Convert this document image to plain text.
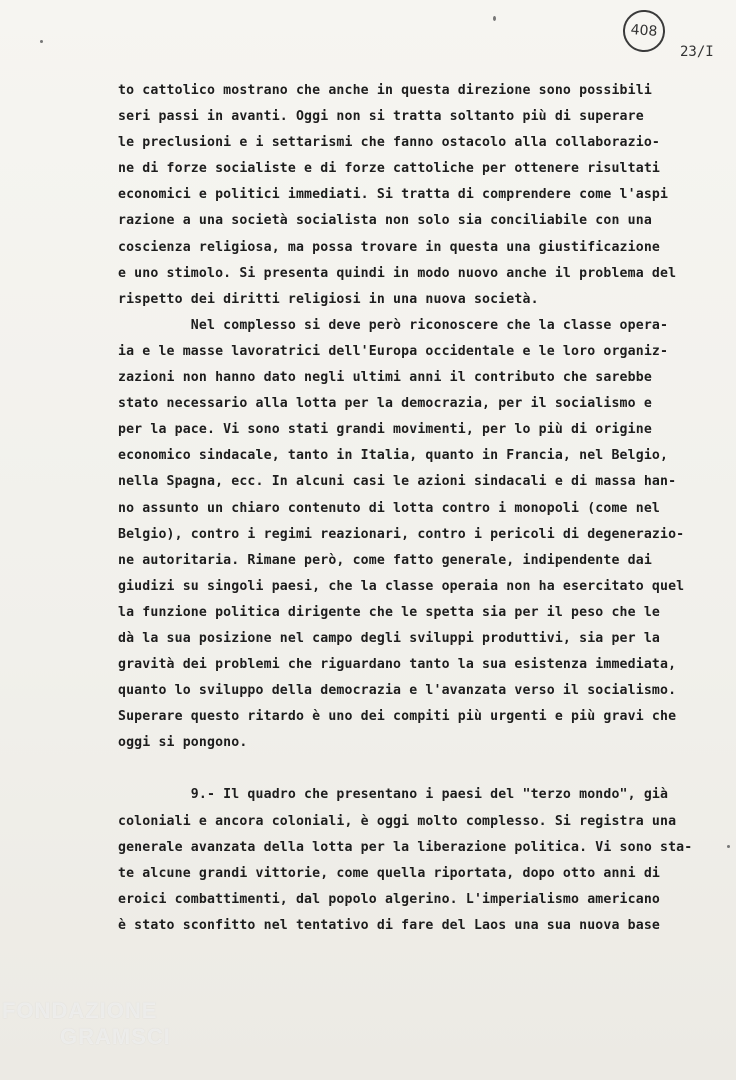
408
23/I
to cattolico mostrano che anche in questa direzione sono possibili
seri passi in avanti. Oggi non si tratta soltanto più di superare
le preclusioni e i settarismi che fanno ostacolo alla collaborazio-
ne di forze socialiste e di forze cattoliche per ottenere risultati
economici e politici immediati. Si tratta di comprendere come l'aspi
razione a una società socialista non solo sia conciliabile con una
coscienza religiosa, ma possa trovare in questa una giustificazione
e uno stimolo. Si presenta quindi in modo nuovo anche il problema del
rispetto dei diritti religiosi in una nuova società.
Nel complesso si deve però riconoscere che la classe opera-
ia e le masse lavoratrici dell'Europa occidentale e le loro organiz-
zazioni non hanno dato negli ultimi anni il contributo che sarebbe
stato necessario alla lotta per la democrazia, per il socialismo e
per la pace. Vi sono stati grandi movimenti, per lo più di origine
economico sindacale, tanto in Italia, quanto in Francia, nel Belgio,
nella Spagna, ecc. In alcuni casi le azioni sindacali e di massa han-
no assunto un chiaro contenuto di lotta contro i monopoli (come nel
Belgio), contro i regimi reazionari, contro i pericoli di degenerazio-
ne autoritaria. Rimane però, come fatto generale, indipendente dai
giudizi su singoli paesi, che la classe operaia non ha esercitato quel
la funzione politica dirigente che le spetta sia per il peso che le
dà la sua posizione nel campo degli sviluppi produttivi, sia per la
gravità dei problemi che riguardano tanto la sua esistenza immediata,
quanto lo sviluppo della democrazia e l'avanzata verso il socialismo.
Superare questo ritardo è uno dei compiti più urgenti e più gravi che
oggi si pongono.
9.- Il quadro che presentano i paesi del "terzo mondo", già
coloniali e ancora coloniali, è oggi molto complesso. Si registra una
generale avanzata della lotta per la liberazione politica. Vi sono sta-
te alcune grandi vittorie, come quella riportata, dopo otto anni di
eroici combattimenti, dal popolo algerino. L'imperialismo americano
è stato sconfitto nel tentativo di fare del Laos una sua nuova base
FONDAZIONE
GRAMSCI
